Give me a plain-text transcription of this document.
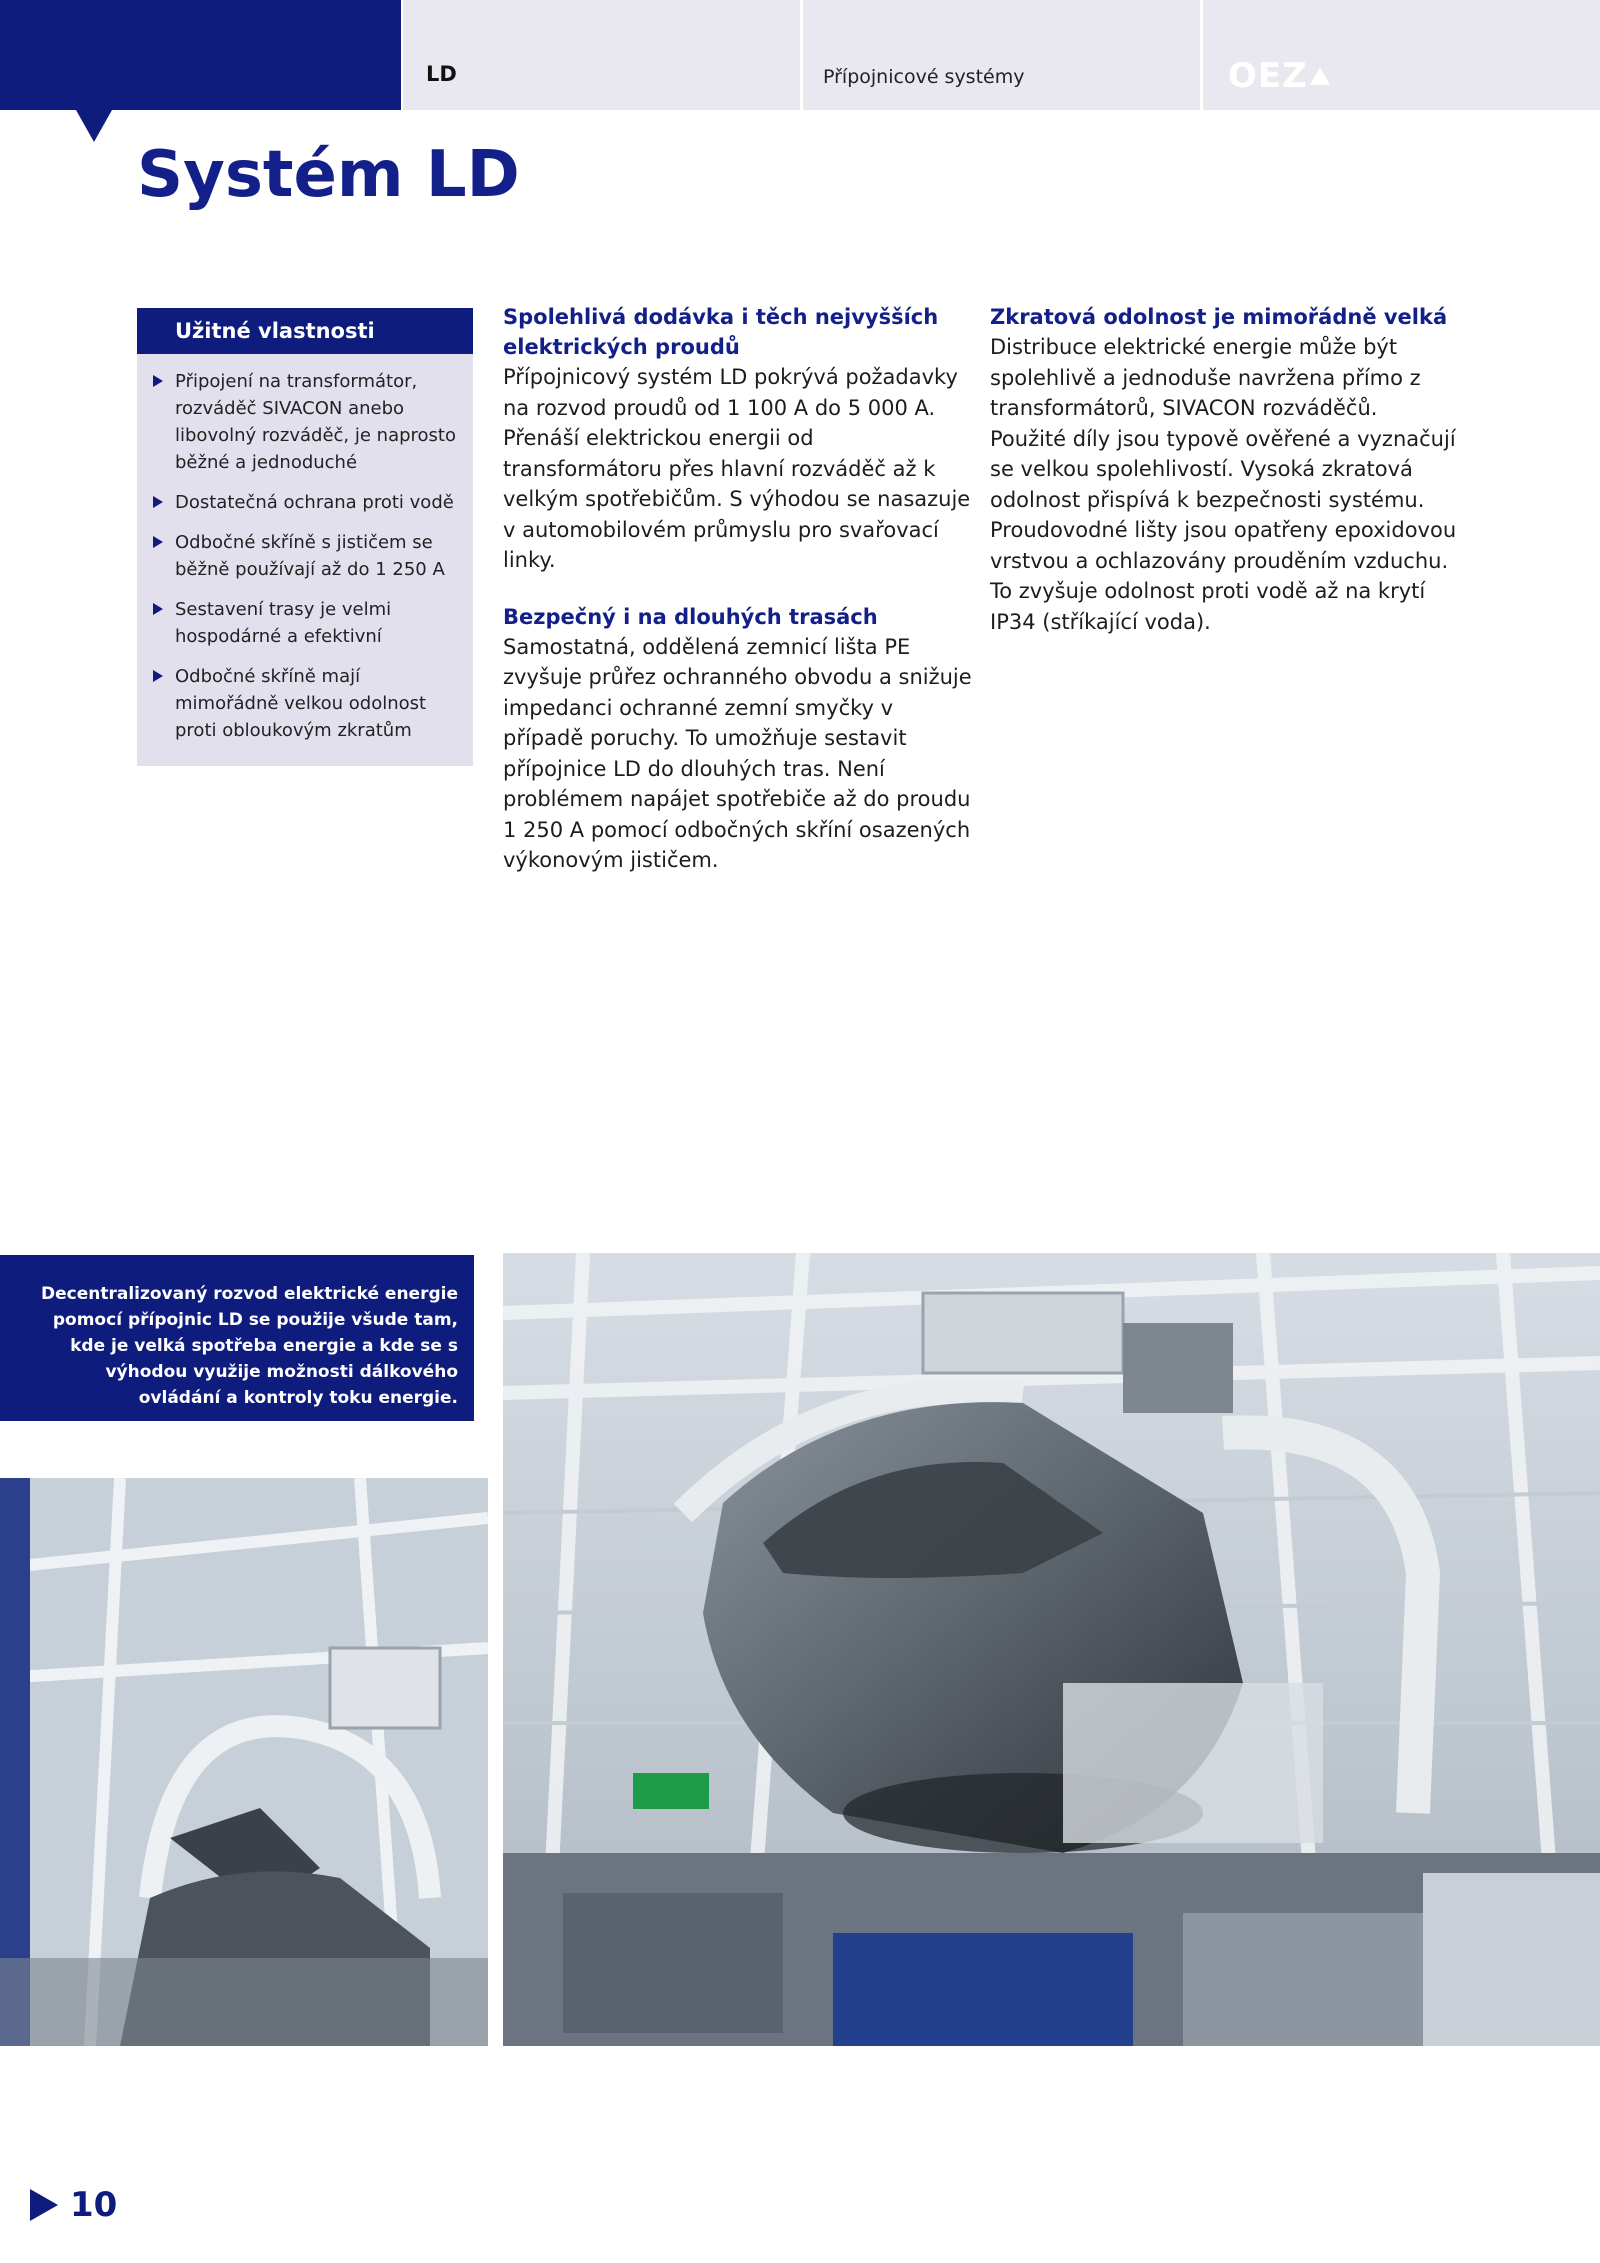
LD	Přípojnicové systémy	OEZ
Systém LD
Užitné vlastnosti
Připojení na transformátor, rozváděč SIVACON anebo libovolný rozváděč, je naprosto běžné a jednoduché
Dostatečná ochrana proti vodě
Odbočné skříně s jističem se běžně používají až do 1 250 A
Sestavení trasy je velmi hospodárné a efektivní
Odbočné skříně mají mimořádně velkou odolnost proti obloukovým zkratům
Spolehlivá dodávka i těch nejvyšších elektrických proudů

Přípojnicový systém LD pokrývá požadavky na rozvod proudů od 1 100 A do 5 000 A. Přenáší elektrickou energii od transformátoru přes hlavní rozváděč až k velkým spotřebičům. S výhodou se nasazuje v automobilovém průmyslu pro svařovací linky.

Bezpečný i na dlouhých trasách

Samostatná, oddělená zemnicí lišta PE zvyšuje průřez ochranného obvodu a snižuje impedanci ochranné zemní smyčky v případě poruchy. To umožňuje sestavit přípojnice LD do dlouhých tras. Není problémem napájet spotřebiče až do proudu 1 250 A pomocí odbočných skříní osazených výkonovým jističem.

Zkratová odolnost je mimořádně velká

Distribuce elektrické energie může být spolehlivě a jednoduše navržena přímo z transformátorů, SIVACON rozváděčů. Použité díly jsou typově ověřené a vyznačují se velkou spolehlivostí. Vysoká zkratová odolnost přispívá k bezpečnosti systému. Proudovodné lišty jsou opatřeny epoxidovou vrstvou a ochlazovány prouděním vzduchu. To zvyšuje odolnost proti vodě až na krytí IP34 (stříkající voda).

Decentralizovaný rozvod elektrické energie pomocí přípojnic LD se použije všude tam, kde je velká spotřeba energie a kde se s výhodou využije možnosti dálkového ovládání a kontroly toku energie.
10
